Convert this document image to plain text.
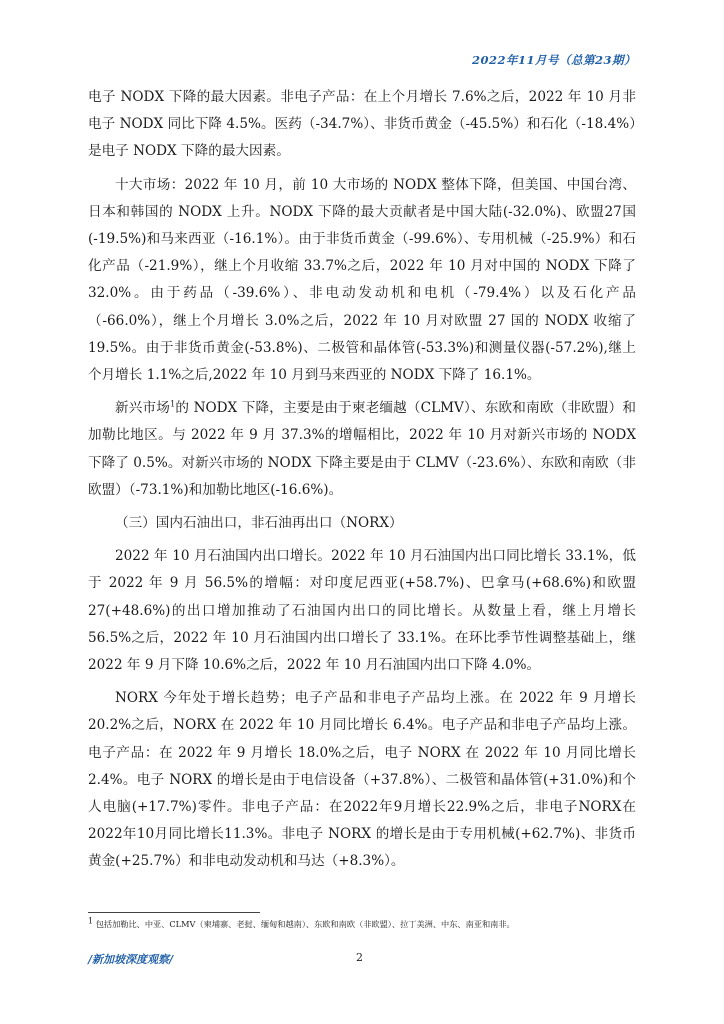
2022年11月号（总第23期）

电子 NODX 下降的最大因素。非电子产品：在上个月增长 7.6%之后，2022 年 10 月非电子 NODX 同比下降 4.5%。医药（-34.7%）、非货币黄金（-45.5%）和石化（-18.4%）是电子 NODX 下降的最大因素。

十大市场：2022 年 10 月，前 10 大市场的 NODX 整体下降，但美国、中国台湾、日本和韩国的 NODX 上升。NODX 下降的最大贡献者是中国大陆(-32.0%)、欧盟27国(-19.5%)和马来西亚（-16.1%）。由于非货币黄金（-99.6%）、专用机械（-25.9%）和石化产品（-21.9%），继上个月收缩 33.7%之后，2022 年 10 月对中国的 NODX 下降了 32.0%。由于药品（-39.6%）、非电动发动机和电机（-79.4%）以及石化产品（-66.0%），继上个月增长 3.0%之后，2022 年 10 月对欧盟 27 国的 NODX 收缩了 19.5%。由于非货币黄金(-53.8%)、二极管和晶体管(-53.3%)和测量仪器(-57.2%),继上个月增长 1.1%之后,2022 年 10 月到马来西亚的 NODX 下降了 16.1%。

新兴市场$^1$的 NODX 下降，主要是由于柬老缅越（CLMV）、东欧和南欧（非欧盟）和加勒比地区。与 2022 年 9 月 37.3%的增幅相比，2022 年 10 月对新兴市场的 NODX 下降了 0.5%。对新兴市场的 NODX 下降主要是由于 CLMV（-23.6%）、东欧和南欧（非欧盟）（-73.1%)和加勒比地区(-16.6%)。

（三）国内石油出口，非石油再出口（NORX）

2022 年 10 月石油国内出口增长。2022 年 10 月石油国内出口同比增长 33.1%，低于 2022 年 9 月 56.5%的增幅：对印度尼西亚(+58.7%)、巴拿马(+68.6%)和欧盟 27(+48.6%)的出口增加推动了石油国内出口的同比增长。从数量上看，继上月增长 56.5%之后，2022 年 10 月石油国内出口增长了 33.1%。在环比季节性调整基础上，继 2022 年 9 月下降 10.6%之后，2022 年 10 月石油国内出口下降 4.0%。

NORX 今年处于增长趋势；电子产品和非电子产品均上涨。在 2022 年 9 月增长 20.2%之后，NORX 在 2022 年 10 月同比增长 6.4%。电子产品和非电子产品均上涨。电子产品：在 2022 年 9 月增长 18.0%之后，电子 NORX 在 2022 年 10 月同比增长 2.4%。电子 NORX 的增长是由于电信设备（+37.8%）、二极管和晶体管(+31.0%)和个人电脑(+17.7%)零件。非电子产品：在2022年9月增长22.9%之后，非电子NORX在2022年10月同比增长11.3%。非电子 NORX 的增长是由于专用机械(+62.7%)、非货币黄金(+25.7%）和非电动发动机和马达（+8.3%）。

$^1$ 包括加勒比、中亚、CLMV（柬埔寨、老挝、缅甸和越南）、东欧和南欧（非欧盟）、拉丁美洲、中东、南亚和南非。
/新加坡深度观察/	2
